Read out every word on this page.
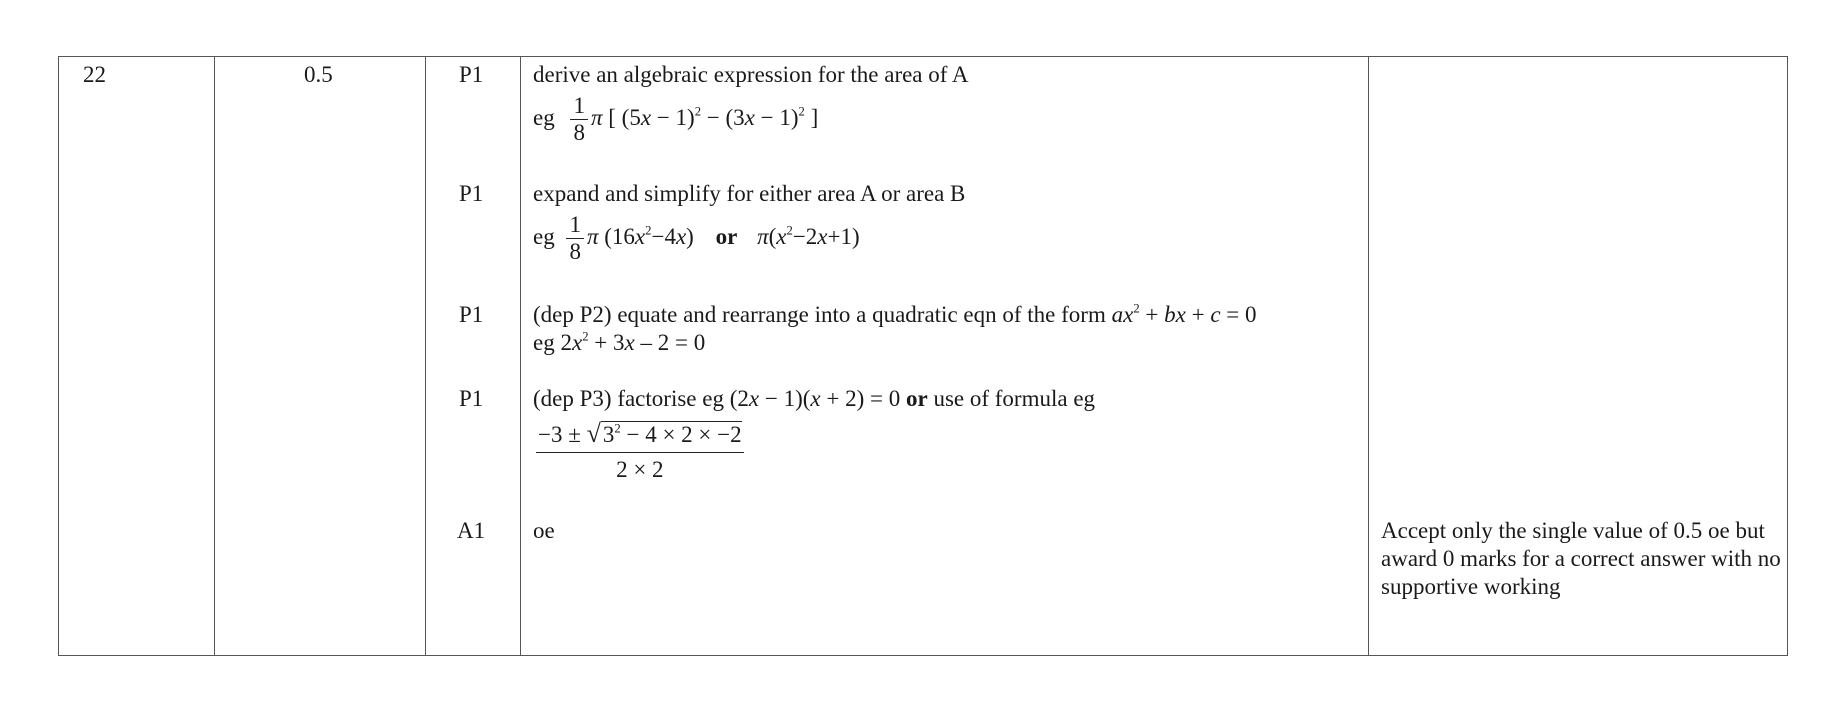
22	0.5	P1 derive an algebraic expression for the area of A
eg $\frac{1}{8}$ π [ $(5x - 1)^2 - (3x - 1)^2$ ]
P1 expand and simplify for either area A or area B
eg $\frac{1}{8}$ π $(16x^2-4x)$ or $\pi(x^2-2x+1)$
P1 (dep P2) equate and rearrange into a quadratic eqn of the form $ax^2$ + bx + c = 0
eg $2x^2 + 3x - 2 = 0$
P1 (dep P3) factorise eg (2x − 1)(x + 2) = 0 or use of formula eg
$\frac{-3 \pm √3^2 - 4 \times 2 \times -2}{2 \times 2}$
A1 oe	Accept only the single value of 0.5 oe but award 0 marks for a correct answer with no supportive working
